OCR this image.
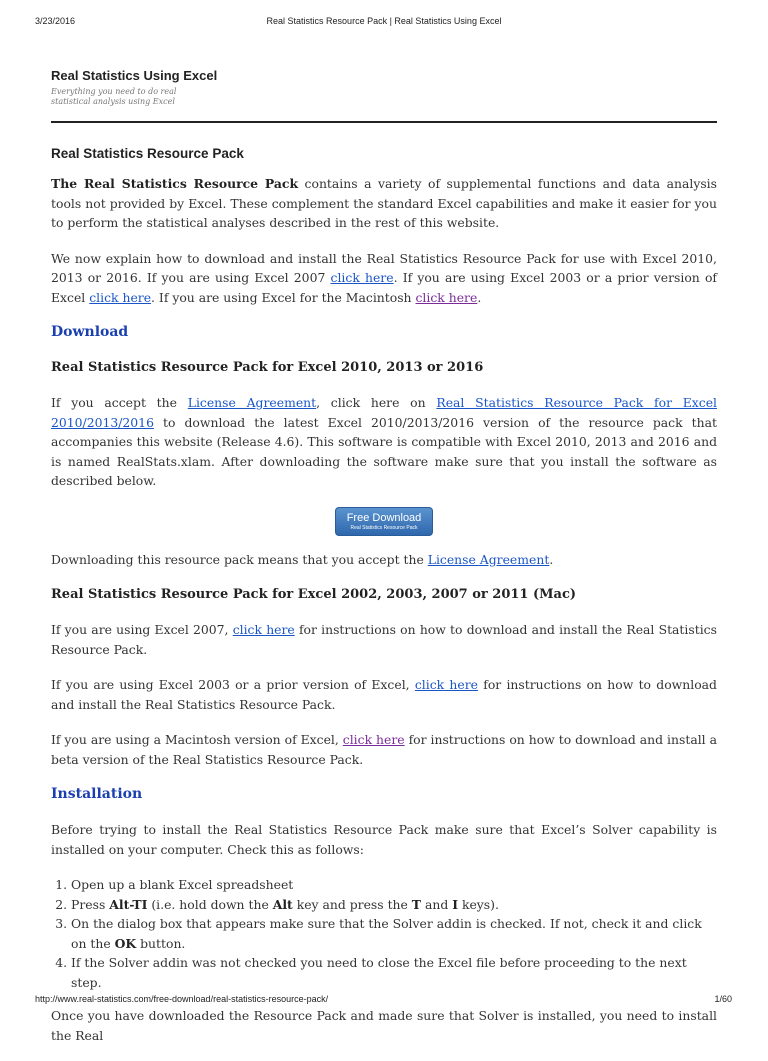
Real Statistics Resource Pack | Real Statistics Using Excel
3/23/2016
Real Statistics Using Excel
Everything you need to do real statistical analysis using Excel
Real Statistics Resource Pack

The Real Statistics Resource Pack contains a variety of supplemental functions and data analysis tools not provided by Excel. These complement the standard Excel capabilities and make it easier for you to perform the statistical analyses described in the rest of this website.

We now explain how to download and install the Real Statistics Resource Pack for use with Excel 2010, 2013 or 2016. If you are using Excel 2007 click here. If you are using Excel 2003 or a prior version of Excel click here. If you are using Excel for the Macintosh click here.

Download
Real Statistics Resource Pack for Excel 2010, 2013 or 2016

If you accept the License Agreement, click here on Real Statistics Resource Pack for Excel 2010/2013/2016 to download the latest Excel 2010/2013/2016 version of the resource pack that accompanies this website (Release 4.6). This software is compatible with Excel 2010, 2013 and 2016 and is named RealStats.xlam. After downloading the software make sure that you install the software as described below.

Free Download
Real Statistics Resource Pack

Downloading this resource pack means that you accept the License Agreement.

Real Statistics Resource Pack for Excel 2002, 2003, 2007 or 2011 (Mac)

If you are using Excel 2007, click here for instructions on how to download and install the Real Statistics Resource Pack.

If you are using Excel 2003 or a prior version of Excel, click here for instructions on how to download and install the Real Statistics Resource Pack.

If you are using a Macintosh version of Excel, click here for instructions on how to download and install a beta version of the Real Statistics Resource Pack.

Installation

Before trying to install the Real Statistics Resource Pack make sure that Excel’s Solver capability is installed on your computer. Check this as follows:

1. Open up a blank Excel spreadsheet
2. Press Alt-TI (i.e. hold down the Alt key and press the T and I keys).
3. On the dialog box that appears make sure that the Solver addin is checked. If not, check it and click on the OK button.
4. If the Solver addin was not checked you need to close the Excel file before proceeding to the next step.

Once you have downloaded the Resource Pack and made sure that Solver is installed, you need to install the Real

http://www.real-statistics.com/free-download/real-statistics-resource-pack/	1/60
